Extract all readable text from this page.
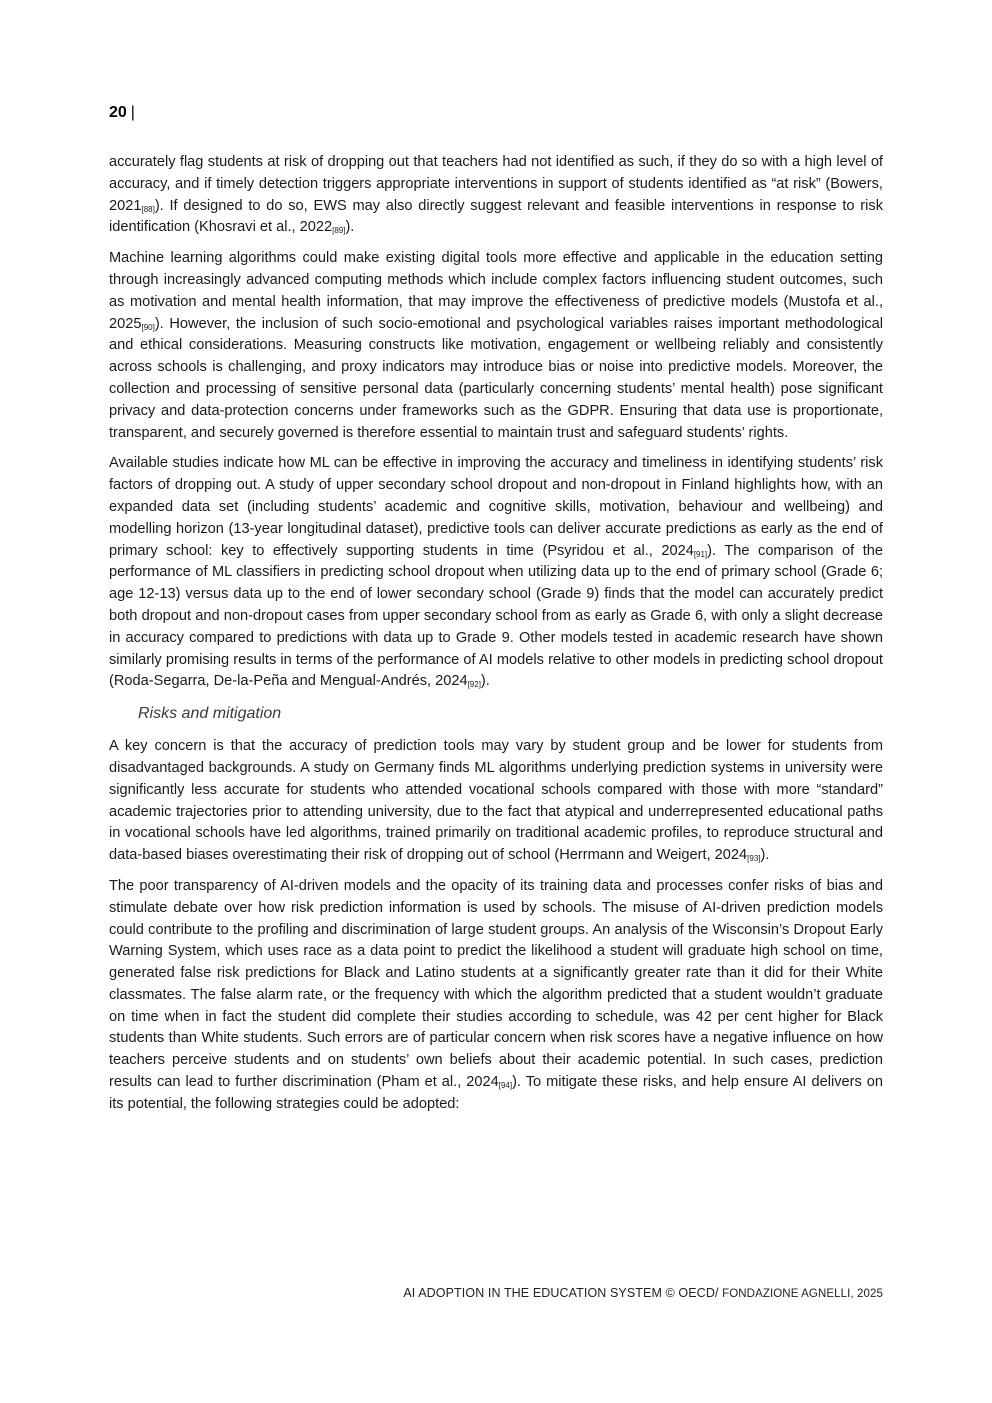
20 |

accurately flag students at risk of dropping out that teachers had not identified as such, if they do so with a high level of accuracy, and if timely detection triggers appropriate interventions in support of students identified as “at risk” (Bowers, $2021_{[88]}$). If designed to do so, EWS may also directly suggest relevant and feasible interventions in response to risk identification (Khosravi et al., $2022_{[89]}$).

Machine learning algorithms could make existing digital tools more effective and applicable in the education setting through increasingly advanced computing methods which include complex factors influencing student outcomes, such as motivation and mental health information, that may improve the effectiveness of predictive models (Mustofa et al., $2025_{[90]}$). However, the inclusion of such socio-emotional and psychological variables raises important methodological and ethical considerations. Measuring constructs like motivation, engagement or wellbeing reliably and consistently across schools is challenging, and proxy indicators may introduce bias or noise into predictive models. Moreover, the collection and processing of sensitive personal data (particularly concerning students’ mental health) pose significant privacy and data-protection concerns under frameworks such as the GDPR. Ensuring that data use is proportionate, transparent, and securely governed is therefore essential to maintain trust and safeguard students’ rights.

Available studies indicate how ML can be effective in improving the accuracy and timeliness in identifying students’ risk factors of dropping out. A study of upper secondary school dropout and non-dropout in Finland highlights how, with an expanded data set (including students’ academic and cognitive skills, motivation, behaviour and wellbeing) and modelling horizon (13-year longitudinal dataset), predictive tools can deliver accurate predictions as early as the end of primary school: key to effectively supporting students in time (Psyridou et al., $2024_{[91]}$). The comparison of the performance of ML classifiers in predicting school dropout when utilizing data up to the end of primary school (Grade 6; age 12-13) versus data up to the end of lower secondary school (Grade 9) finds that the model can accurately predict both dropout and non-dropout cases from upper secondary school from as early as Grade 6, with only a slight decrease in accuracy compared to predictions with data up to Grade 9. Other models tested in academic research have shown similarly promising results in terms of the performance of AI models relative to other models in predicting school dropout (Roda-Segarra, De-la-Peña and Mengual-Andrés, $2024_{[92]}$).

Risks and mitigation

A key concern is that the accuracy of prediction tools may vary by student group and be lower for students from disadvantaged backgrounds. A study on Germany finds ML algorithms underlying prediction systems in university were significantly less accurate for students who attended vocational schools compared with those with more “standard” academic trajectories prior to attending university, due to the fact that atypical and underrepresented educational paths in vocational schools have led algorithms, trained primarily on traditional academic profiles, to reproduce structural and data-based biases overestimating their risk of dropping out of school (Herrmann and Weigert, $2024_{[93]}$).

The poor transparency of AI-driven models and the opacity of its training data and processes confer risks of bias and stimulate debate over how risk prediction information is used by schools. The misuse of AI-driven prediction models could contribute to the profiling and discrimination of large student groups. An analysis of the Wisconsin’s Dropout Early Warning System, which uses race as a data point to predict the likelihood a student will graduate high school on time, generated false risk predictions for Black and Latino students at a significantly greater rate than it did for their White classmates. The false alarm rate, or the frequency with which the algorithm predicted that a student wouldn’t graduate on time when in fact the student did complete their studies according to schedule, was 42 per cent higher for Black students than White students. Such errors are of particular concern when risk scores have a negative influence on how teachers perceive students and on students’ own beliefs about their academic potential. In such cases, prediction results can lead to further discrimination (Pham et al., $2024_{[94]}$). To mitigate these risks, and help ensure AI delivers on its potential, the following strategies could be adopted:

AI ADOPTION IN THE EDUCATION SYSTEM © OECD/ FONDAZIONE AGNELLI, 2025
